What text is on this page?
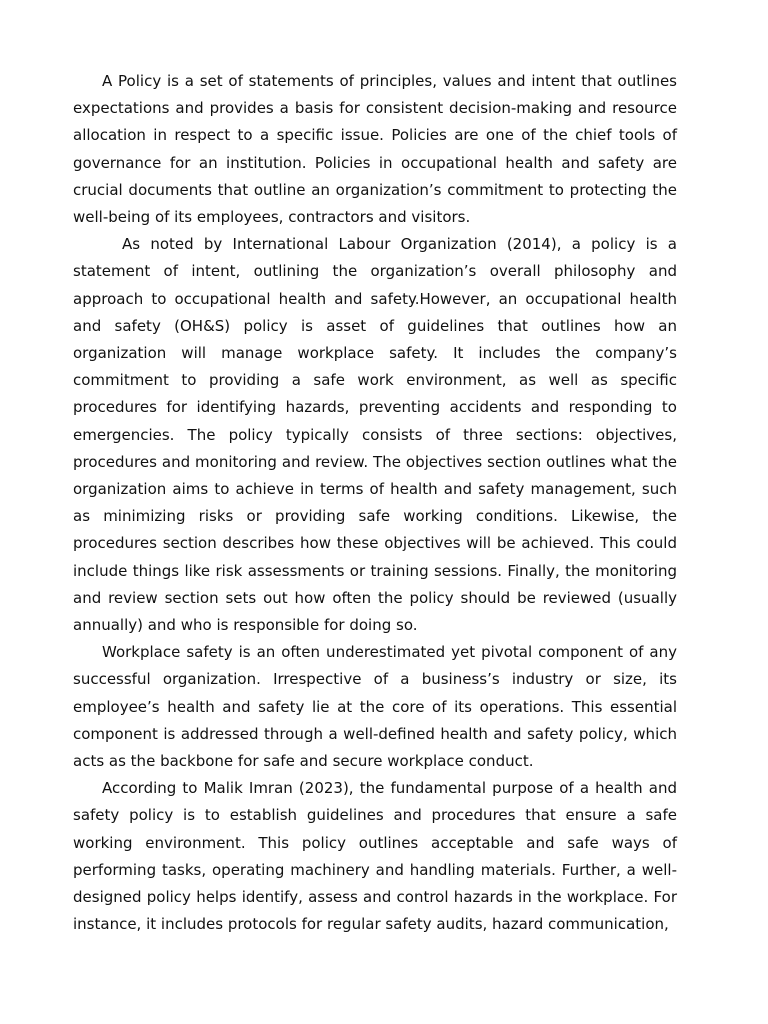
A Policy is a set of statements of principles, values and intent that outlines expectations and provides a basis for consistent decision-making and resource allocation in respect to a specific issue. Policies are one of the chief tools of governance for an institution. Policies in occupational health and safety are crucial documents that outline an organization’s commitment to protecting the well-being of its employees, contractors and visitors.

As noted by International Labour Organization (2014), a policy is a statement of intent, outlining the organization’s overall philosophy and approach to occupational health and safety.However, an occupational health and safety (OH&S) policy is asset of guidelines that outlines how an organization will manage workplace safety. It includes the company’s commitment to providing a safe work environment, as well as specific procedures for identifying hazards, preventing accidents and responding to emergencies. The policy typically consists of three sections: objectives, procedures and monitoring and review. The objectives section outlines what the organization aims to achieve in terms of health and safety management, such as minimizing risks or providing safe working conditions. Likewise, the procedures section describes how these objectives will be achieved. This could include things like risk assessments or training sessions. Finally, the monitoring and review section sets out how often the policy should be reviewed (usually annually) and who is responsible for doing so.

Workplace safety is an often underestimated yet pivotal component of any successful organization. Irrespective of a business’s industry or size, its employee’s health and safety lie at the core of its operations. This essential component is addressed through a well-defined health and safety policy, which acts as the backbone for safe and secure workplace conduct.

According to Malik Imran (2023), the fundamental purpose of a health and safety policy is to establish guidelines and procedures that ensure a safe working environment. This policy outlines acceptable and safe ways of performing tasks, operating machinery and handling materials. Further, a well-designed policy helps identify, assess and control hazards in the workplace. For instance, it includes protocols for regular safety audits, hazard communication,
